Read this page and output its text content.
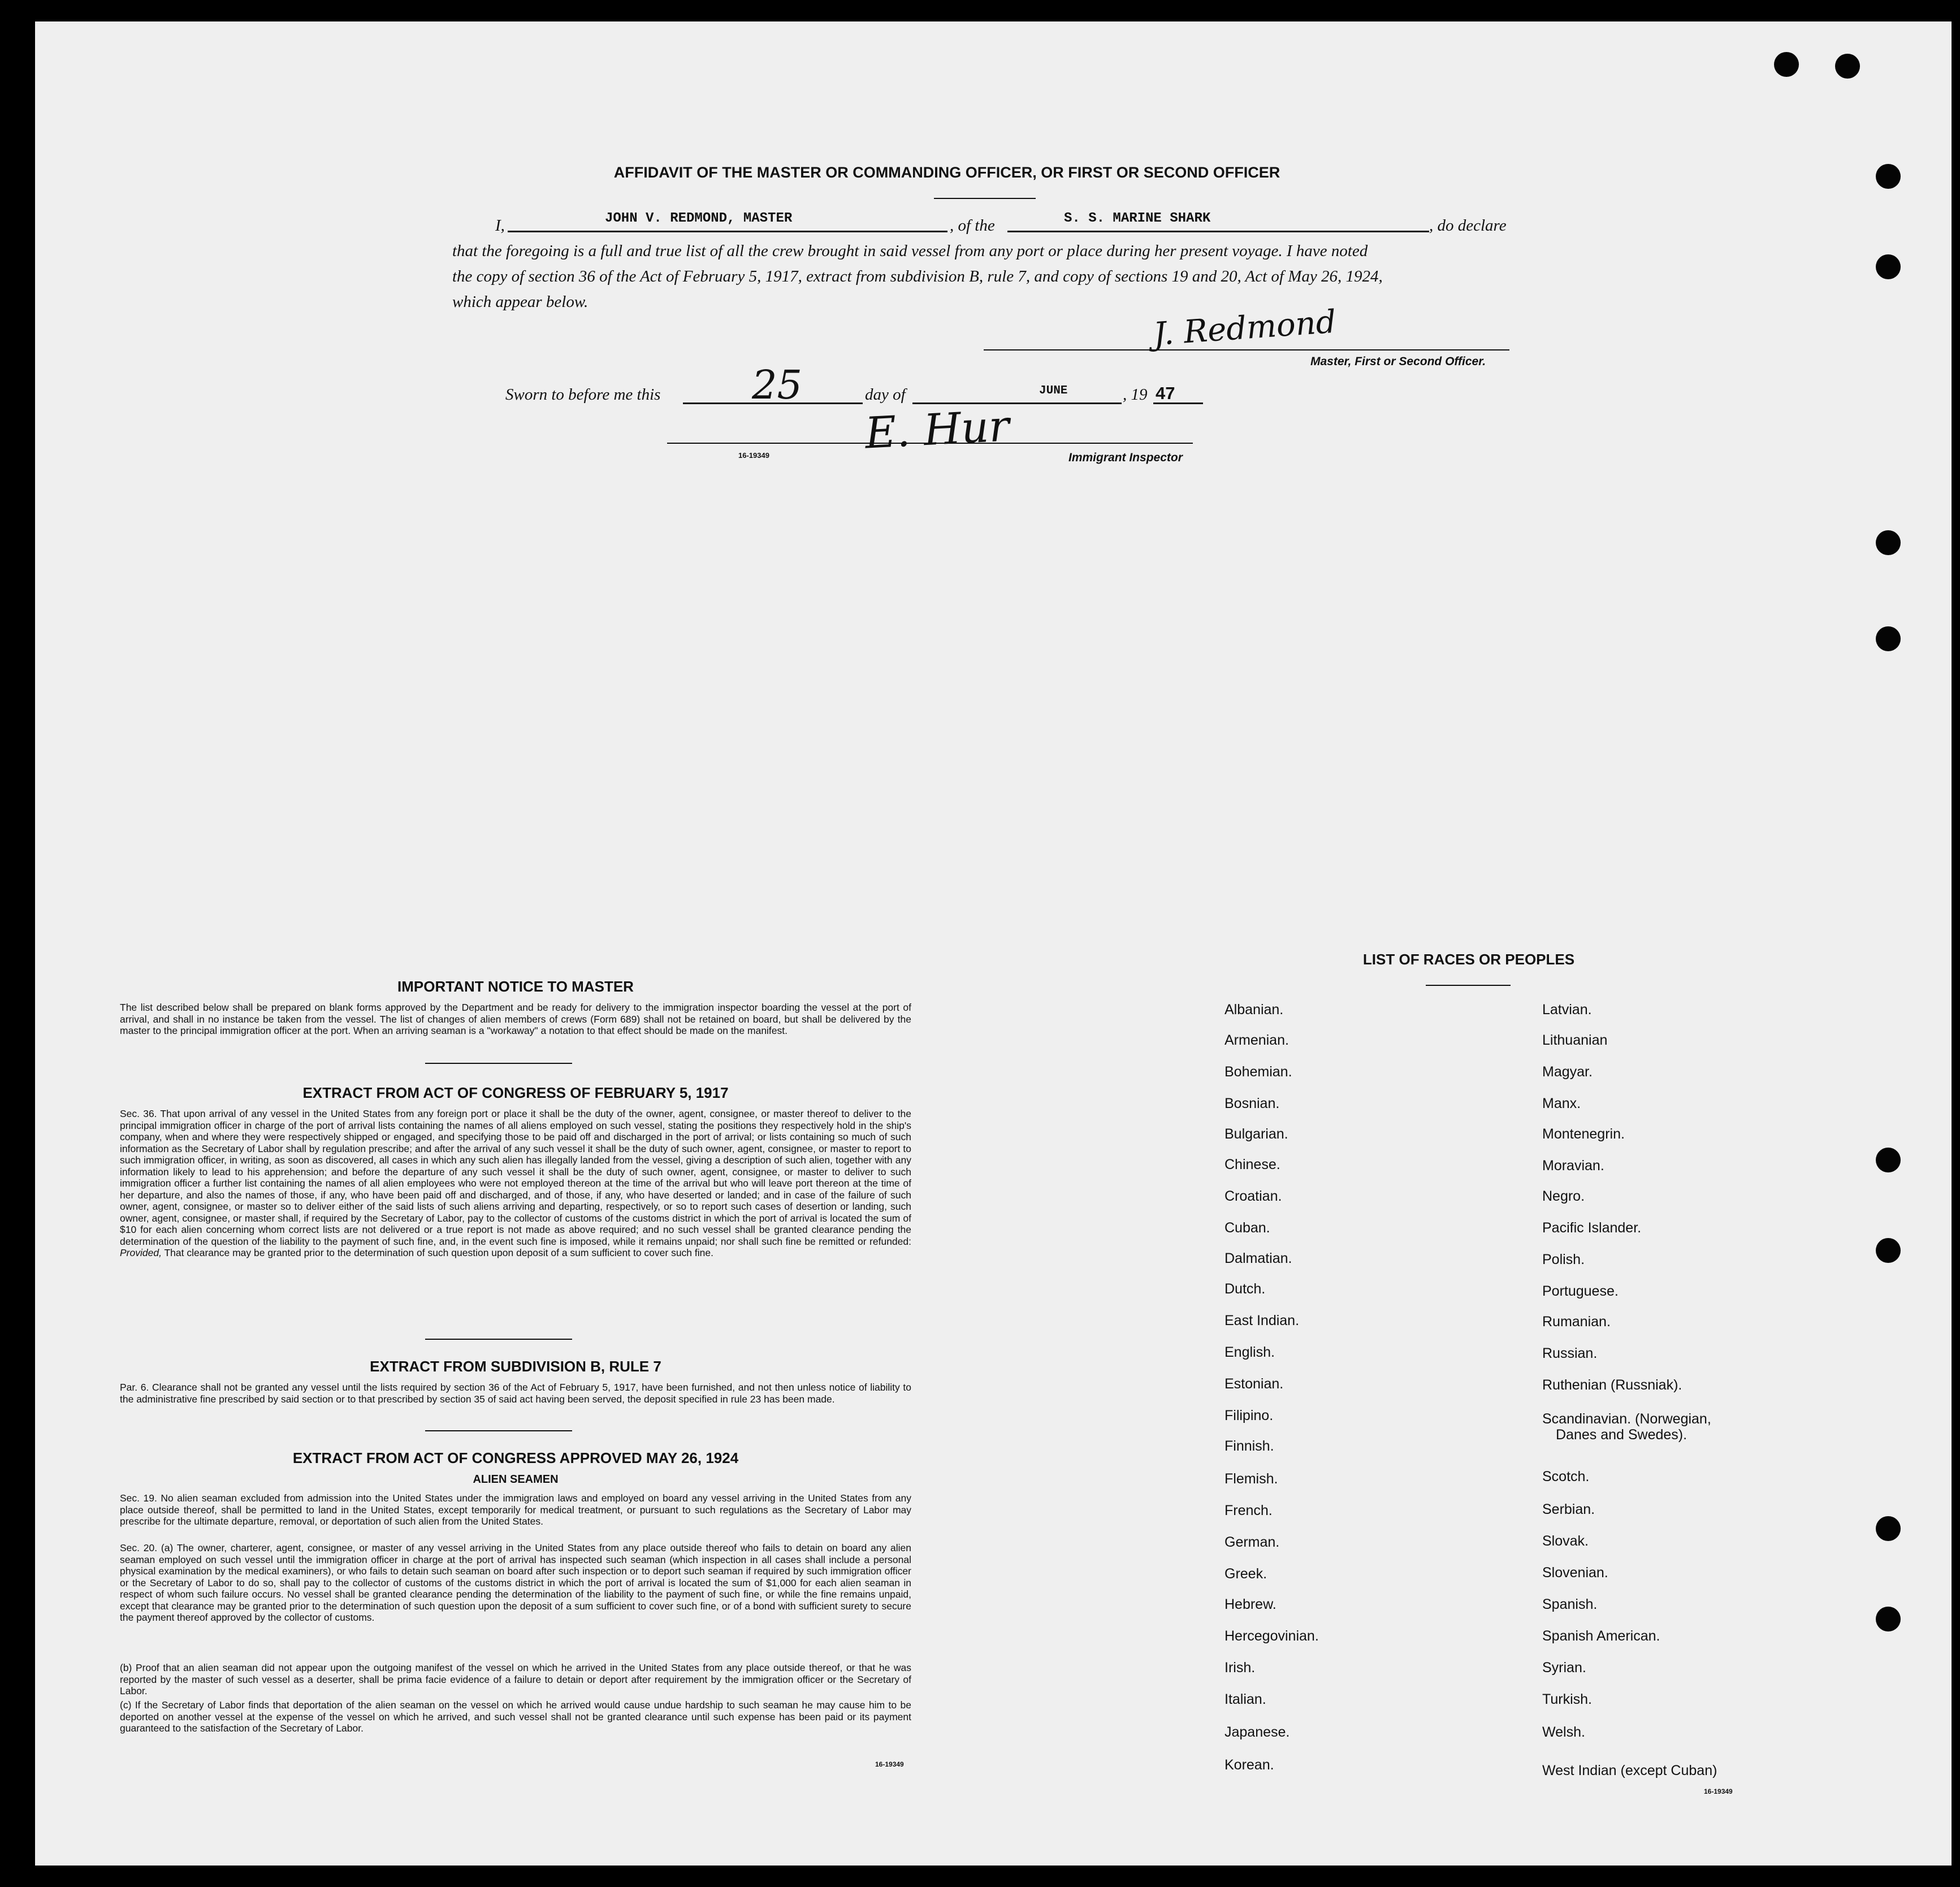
AFFIDAVIT OF THE MASTER OR COMMANDING OFFICER, OR FIRST OR SECOND OFFICER
I,	JOHN V. REDMOND, MASTER	, of the	S. S. MARINE SHARK	, do declare
that the foregoing is a full and true list of all the crew brought in said vessel from any port or place during her present voyage. I have noted
the copy of section 36 of the Act of February 5, 1917, extract from subdivision B, rule 7, and copy of sections 19 and 20, Act of May 26, 1924,
which appear below.
J. Redmond
Master, First or Second Officer.
Sworn to before me this 25	day of	JUNE	, 19 47
E. Hur
16-19349	Immigrant Inspector
IMPORTANT NOTICE TO MASTER
The list described below shall be prepared on blank forms approved by the Department and be ready for delivery to the immigration inspector boarding the vessel at the port of arrival, and shall in no instance be taken from the vessel. The list of changes of alien members of crews (Form 689) shall not be retained on board, but shall be delivered by the master to the principal immigration officer at the port. When an arriving seaman is a "workaway" a notation to that effect should be made on the manifest.
EXTRACT FROM ACT OF CONGRESS OF FEBRUARY 5, 1917
Sec. 36. That upon arrival of any vessel in the United States from any foreign port or place it shall be the duty of the owner, agent, consignee, or master thereof to deliver to the principal immigration officer in charge of the port of arrival lists containing the names of all aliens employed on such vessel, stating the positions they respectively hold in the ship's company, when and where they were respectively shipped or engaged, and specifying those to be paid off and discharged in the port of arrival; or lists containing so much of such information as the Secretary of Labor shall by regulation prescribe; and after the arrival of any such vessel it shall be the duty of such owner, agent, consignee, or master to report to such immigration officer, in writing, as soon as discovered, all cases in which any such alien has illegally landed from the vessel, giving a description of such alien, together with any information likely to lead to his apprehension; and before the departure of any such vessel it shall be the duty of such owner, agent, consignee, or master to deliver to such immigration officer a further list containing the names of all alien employees who were not employed thereon at the time of the arrival but who will leave port thereon at the time of her departure, and also the names of those, if any, who have been paid off and discharged, and of those, if any, who have deserted or landed; and in case of the failure of such owner, agent, consignee, or master so to deliver either of the said lists of such aliens arriving and departing, respectively, or so to report such cases of desertion or landing, such owner, agent, consignee, or master shall, if required by the Secretary of Labor, pay to the collector of customs of the customs district in which the port of arrival is located the sum of $10 for each alien concerning whom correct lists are not delivered or a true report is not made as above required; and no such vessel shall be granted clearance pending the determination of the question of the liability to the payment of such fine, and, in the event such fine is imposed, while it remains unpaid; nor shall such fine be remitted or refunded: Provided, That clearance may be granted prior to the determination of such question upon deposit of a sum sufficient to cover such fine.
EXTRACT FROM SUBDIVISION B, RULE 7
Par. 6. Clearance shall not be granted any vessel until the lists required by section 36 of the Act of February 5, 1917, have been furnished, and not then unless notice of liability to the administrative fine prescribed by said section or to that prescribed by section 35 of said act having been served, the deposit specified in rule 23 has been made.
EXTRACT FROM ACT OF CONGRESS APPROVED MAY 26, 1924
ALIEN SEAMEN
Sec. 19. No alien seaman excluded from admission into the United States under the immigration laws and employed on board any vessel arriving in the United States from any place outside thereof, shall be permitted to land in the United States, except temporarily for medical treatment, or pursuant to such regulations as the Secretary of Labor may prescribe for the ultimate departure, removal, or deportation of such alien from the United States.
Sec. 20. (a) The owner, charterer, agent, consignee, or master of any vessel arriving in the United States from any place outside thereof who fails to detain on board any alien seaman employed on such vessel until the immigration officer in charge at the port of arrival has inspected such seaman (which inspection in all cases shall include a personal physical examination by the medical examiners), or who fails to detain such seaman on board after such inspection or to deport such seaman if required by such immigration officer or the Secretary of Labor to do so, shall pay to the collector of customs of the customs district in which the port of arrival is located the sum of $1,000 for each alien seaman in respect of whom such failure occurs. No vessel shall be granted clearance pending the determination of the liability to the payment of such fine, or while the fine remains unpaid, except that clearance may be granted prior to the determination of such question upon the deposit of a sum sufficient to cover such fine, or of a bond with sufficient surety to secure the payment thereof approved by the collector of customs.
(b) Proof that an alien seaman did not appear upon the outgoing manifest of the vessel on which he arrived in the United States from any place outside thereof, or that he was reported by the master of such vessel as a deserter, shall be prima facie evidence of a failure to detain or deport after requirement by the immigration officer or the Secretary of Labor.
(c) If the Secretary of Labor finds that deportation of the alien seaman on the vessel on which he arrived would cause undue hardship to such seaman he may cause him to be deported on another vessel at the expense of the vessel on which he arrived, and such vessel shall not be granted clearance until such expense has been paid or its payment guaranteed to the satisfaction of the Secretary of Labor.
16-19349
LIST OF RACES OR PEOPLES
Albanian.
Armenian.
Bohemian.
Bosnian.
Bulgarian.
Chinese.
Croatian.
Cuban.
Dalmatian.
Dutch.
East Indian.
English.
Estonian.
Filipino.
Finnish.
Flemish.
French.
German.
Greek.
Hebrew.
Hercegovinian.
Irish.
Italian.
Japanese.
Korean.
Latvian.
Lithuanian
Magyar.
Manx.
Montenegrin.
Moravian.
Negro.
Pacific Islander.
Polish.
Portuguese.
Rumanian.
Russian.
Ruthenian (Russniak).
Scandinavian. (Norwegian,
Danes and Swedes).
Scotch.
Serbian.
Slovak.
Slovenian.
Spanish.
Spanish American.
Syrian.
Turkish.
Welsh.
West Indian (except Cuban)
16-19349
